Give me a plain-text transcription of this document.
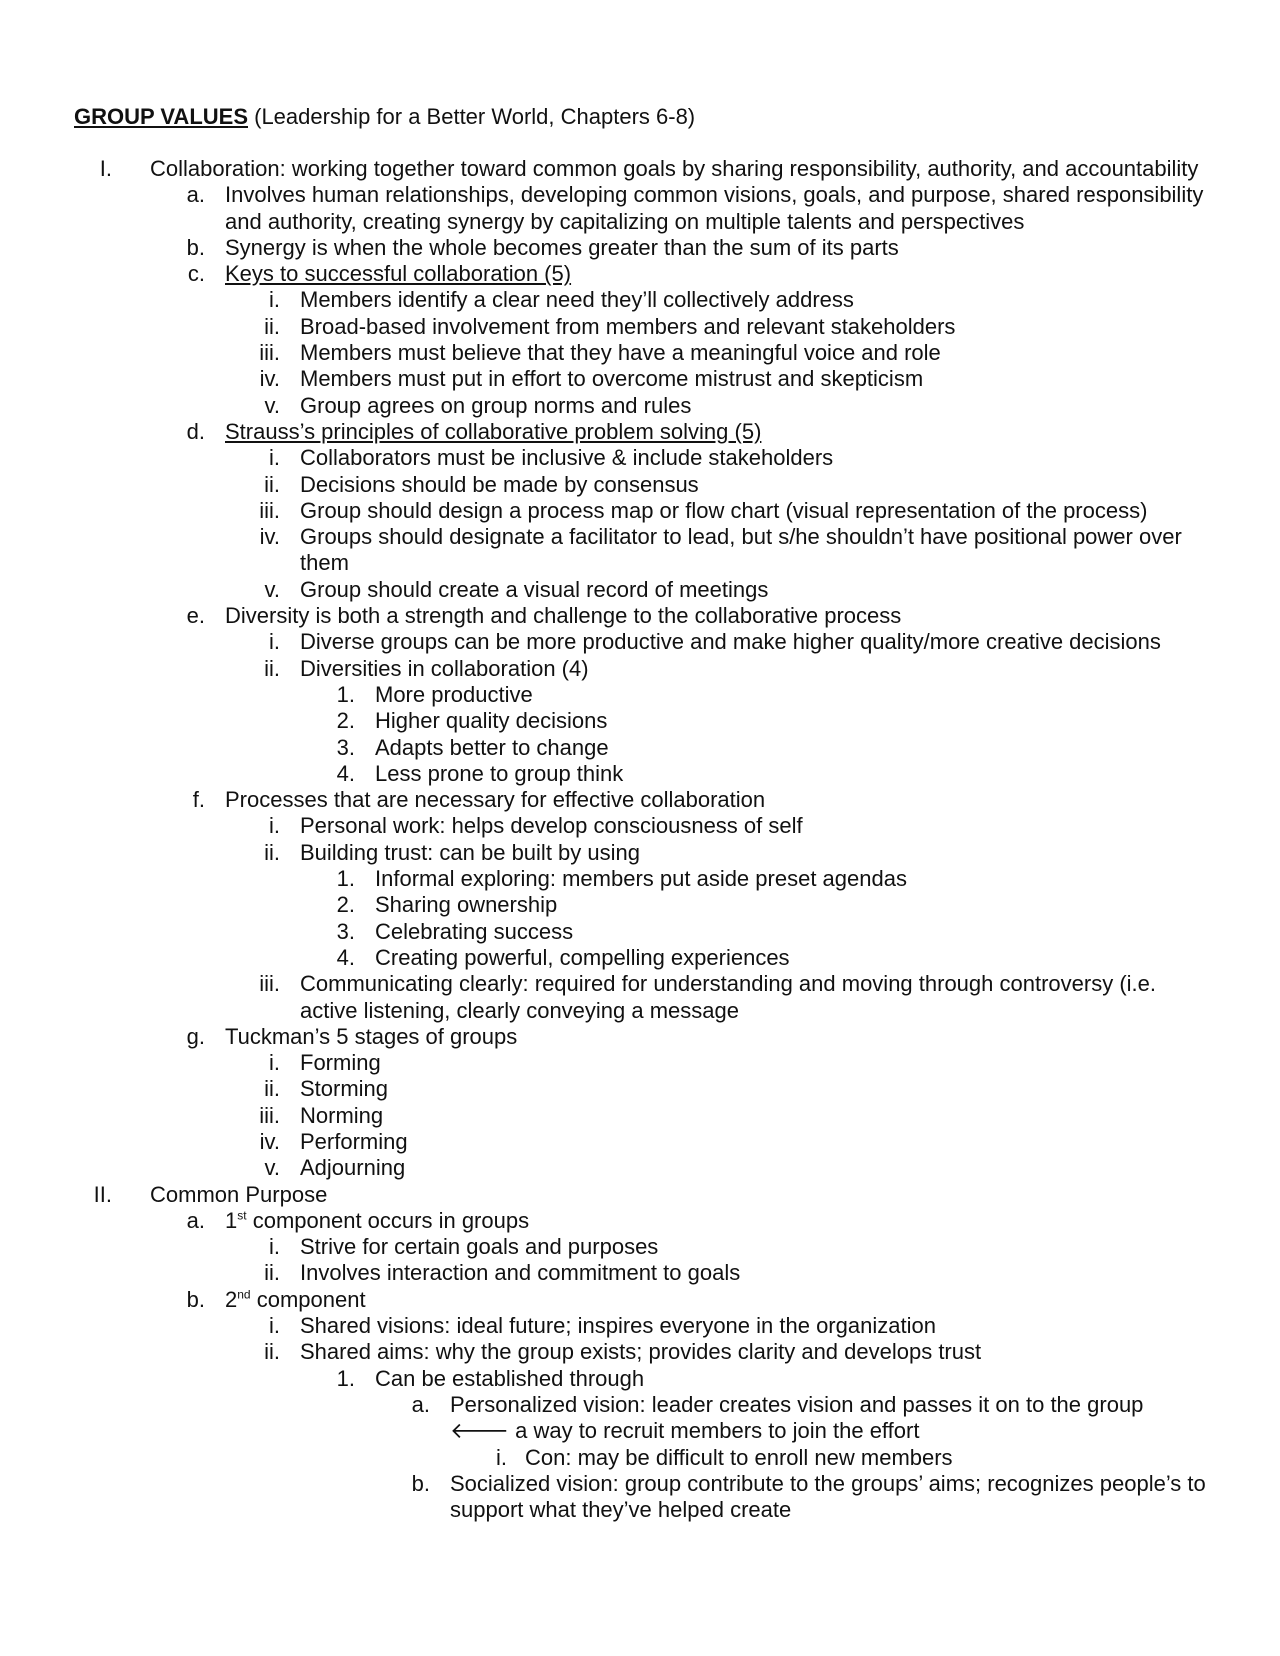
GROUP VALUES (Leadership for a Better World, Chapters 6-8)
I. Collaboration: working together toward common goals by sharing responsibility, authority, and accountability
a. Involves human relationships, developing common visions, goals, and purpose, shared responsibility and authority, creating synergy by capitalizing on multiple talents and perspectives
b. Synergy is when the whole becomes greater than the sum of its parts
c. Keys to successful collaboration (5)
i. Members identify a clear need they’ll collectively address
ii. Broad-based involvement from members and relevant stakeholders
iii. Members must believe that they have a meaningful voice and role
iv. Members must put in effort to overcome mistrust and skepticism
v. Group agrees on group norms and rules
d. Strauss’s principles of collaborative problem solving (5)
i. Collaborators must be inclusive & include stakeholders
ii. Decisions should be made by consensus
iii. Group should design a process map or flow chart (visual representation of the process)
iv. Groups should designate a facilitator to lead, but s/he shouldn’t have positional power over them
v. Group should create a visual record of meetings
e. Diversity is both a strength and challenge to the collaborative process
i. Diverse groups can be more productive and make higher quality/more creative decisions
ii. Diversities in collaboration (4)
1. More productive
2. Higher quality decisions
3. Adapts better to change
4. Less prone to group think
f. Processes that are necessary for effective collaboration
i. Personal work: helps develop consciousness of self
ii. Building trust: can be built by using
1. Informal exploring: members put aside preset agendas
2. Sharing ownership
3. Celebrating success
4. Creating powerful, compelling experiences
iii. Communicating clearly: required for understanding and moving through controversy (i.e. active listening, clearly conveying a message
g. Tuckman’s 5 stages of groups
i. Forming
ii. Storming
iii. Norming
iv. Performing
v. Adjourning
II. Common Purpose
a. 1st component occurs in groups
i. Strive for certain goals and purposes
ii. Involves interaction and commitment to goals
b. 2nd component
i. Shared visions: ideal future; inspires everyone in the organization
ii. Shared aims: why the group exists; provides clarity and develops trust
1. Can be established through
a. Personalized vision: leader creates vision and passes it on to the group
🡐 a way to recruit members to join the effort
i. Con: may be difficult to enroll new members
b. Socialized vision: group contribute to the groups’ aims; recognizes people’s to support what they’ve helped create
